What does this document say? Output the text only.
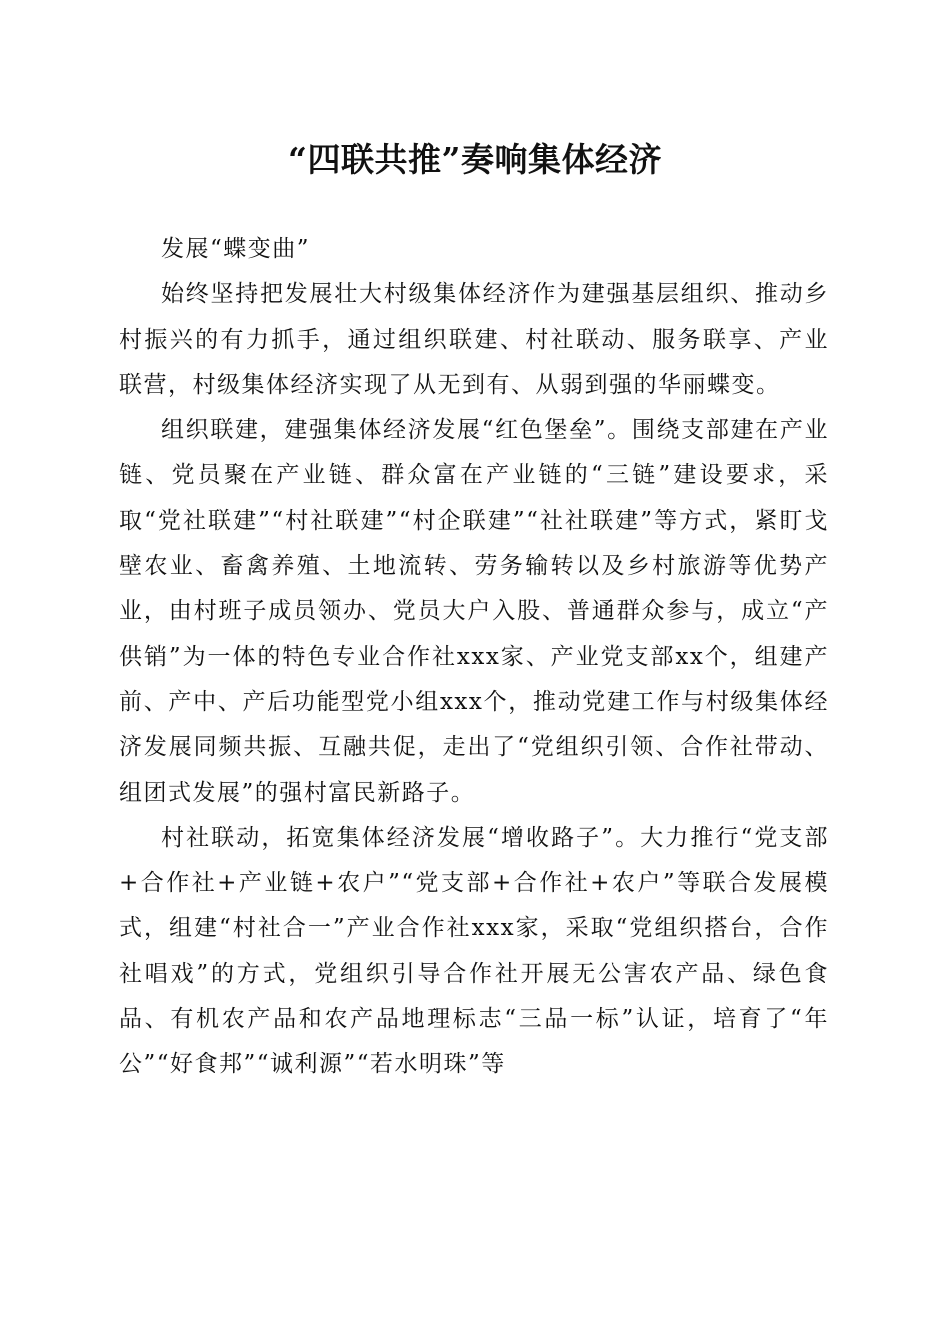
“四联共推”奏响集体经济

发展“蝶变曲”

始终坚持把发展壮大村级集体经济作为建强基层组织、推动乡村振兴的有力抓手，通过组织联建、村社联动、服务联享、产业联营，村级集体经济实现了从无到有、从弱到强的华丽蝶变。

组织联建，建强集体经济发展“红色堡垒”。围绕支部建在产业链、党员聚在产业链、群众富在产业链的“三链”建设要求，采取“党社联建”“村社联建”“村企联建”“社社联建”等方式，紧盯戈壁农业、畜禽养殖、土地流转、劳务输转以及乡村旅游等优势产业，由村班子成员领办、党员大户入股、普通群众参与，成立“产供销”为一体的特色专业合作社xxx家、产业党支部xx个，组建产前、产中、产后功能型党小组xxx个，推动党建工作与村级集体经济发展同频共振、互融共促，走出了“党组织引领、合作社带动、组团式发展”的强村富民新路子。

村社联动，拓宽集体经济发展“增收路子”。大力推行“党支部+合作社+产业链+农户”“党支部+合作社+农户”等联合发展模式，组建“村社合一”产业合作社xxx家，采取“党组织搭台，合作社唱戏”的方式，党组织引导合作社开展无公害农产品、绿色食品、有机农产品和农产品地理标志“三品一标”认证，培育了“年公”“好食邦”“诚利源”“若水明珠”等
